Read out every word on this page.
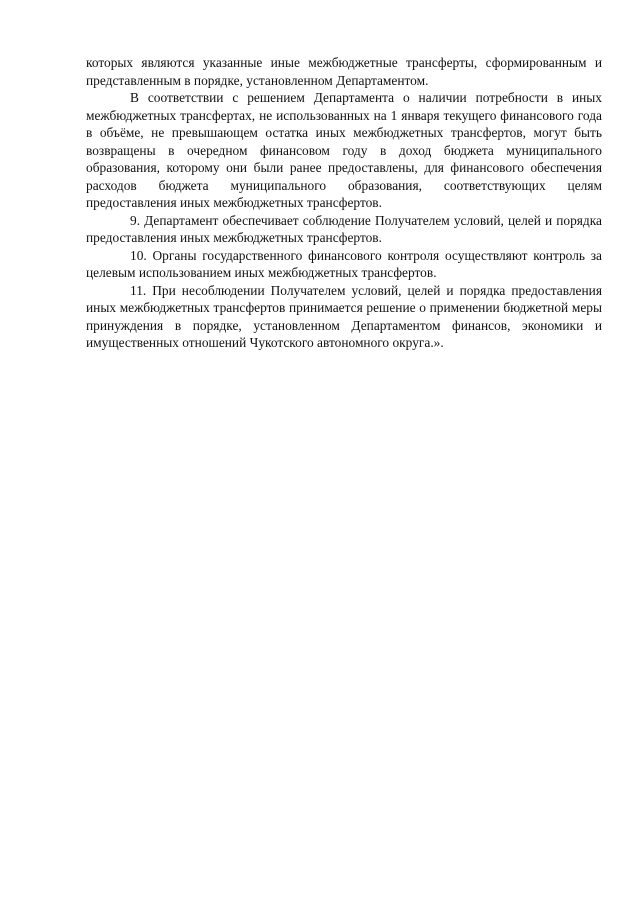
которых являются указанные иные межбюджетные трансферты, сформированным и представленным в порядке, установленном Департаментом.

В соответствии с решением Департамента о наличии потребности в иных межбюджетных трансфертах, не использованных на 1 января текущего финансового года в объёме, не превышающем остатка иных межбюджетных трансфертов, могут быть возвращены в очередном финансовом году в доход бюджета муниципального образования, которому они были ранее предоставлены, для финансового обеспечения расходов бюджета муниципального образования, соответствующих целям предоставления иных межбюджетных трансфертов.

9. Департамент обеспечивает соблюдение Получателем условий, целей и порядка предоставления иных межбюджетных трансфертов.

10. Органы государственного финансового контроля осуществляют контроль за целевым использованием иных межбюджетных трансфертов.

11. При несоблюдении Получателем условий, целей и порядка предоставления иных межбюджетных трансфертов принимается решение о применении бюджетной меры принуждения в порядке, установленном Департаментом финансов, экономики и имущественных отношений Чукотского автономного округа.».
